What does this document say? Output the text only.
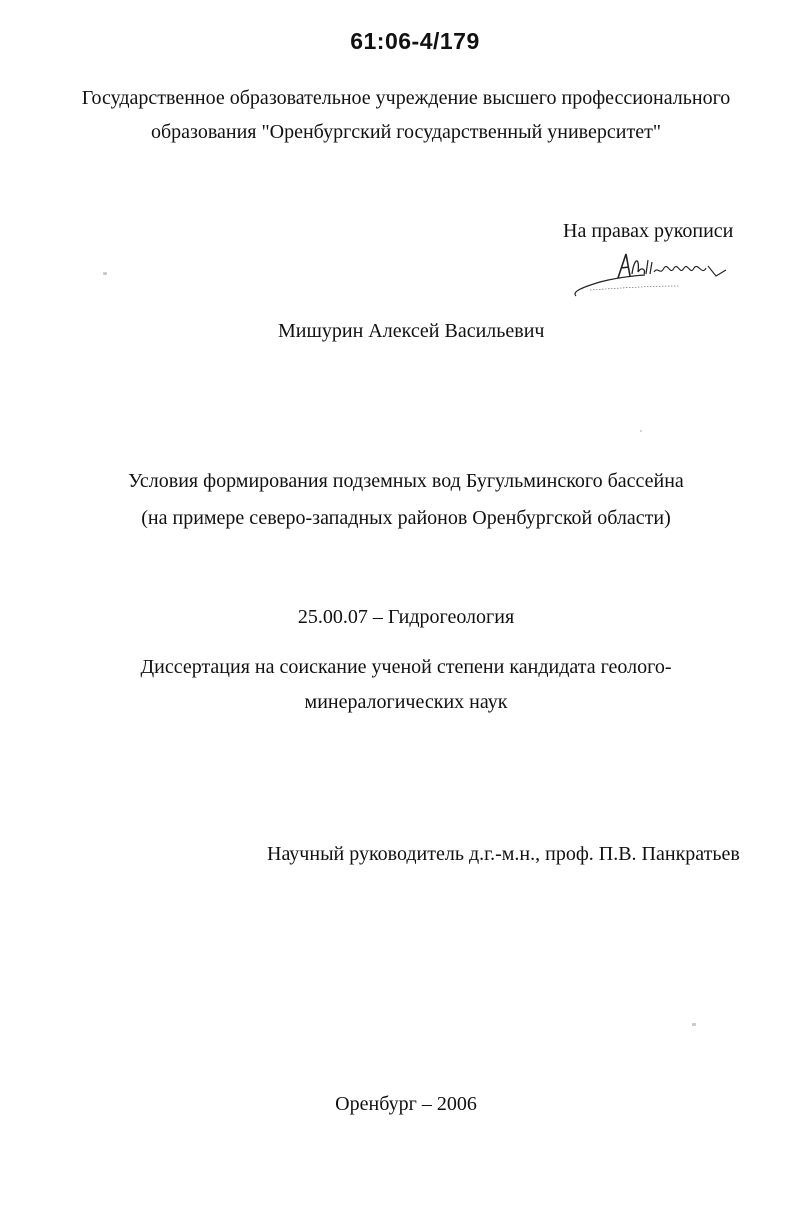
61:06-4/179
Государственное образовательное учреждение высшего профессионального
образования "Оренбургский государственный университет"
На правах рукописи
Мишурин Алексей Васильевич
Условия формирования подземных вод Бугульминского бассейна
(на примере северо-западных районов Оренбургской области)
25.00.07 – Гидрогеология
Диссертация на соискание ученой степени кандидата геолого-
минералогических наук
Научный руководитель д.г.-м.н., проф. П.В. Панкратьев
Оренбург – 2006
